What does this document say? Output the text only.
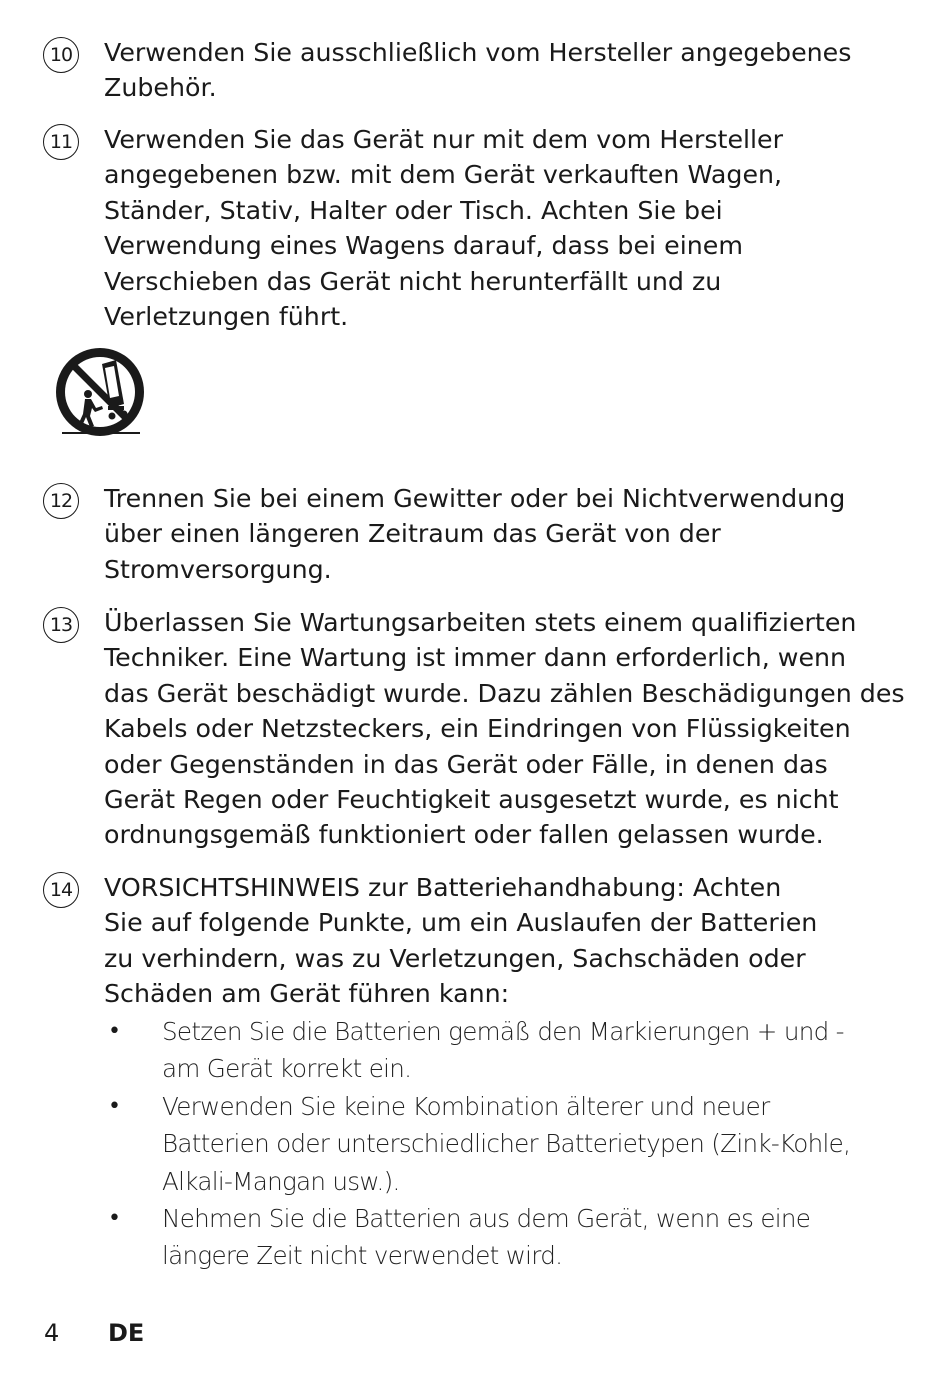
10 Verwenden Sie ausschließlich vom Hersteller angegebenes
Zubehör.
11 Verwenden Sie das Gerät nur mit dem vom Hersteller
angegebenen bzw. mit dem Gerät verkauften Wagen,
Ständer, Stativ, Halter oder Tisch. Achten Sie bei
Verwendung eines Wagens darauf, dass bei einem
Verschieben das Gerät nicht herunterfällt und zu
Verletzungen führt.
12 Trennen Sie bei einem Gewitter oder bei Nichtverwendung
über einen längeren Zeitraum das Gerät von der
Stromversorgung.
13 Überlassen Sie Wartungsarbeiten stets einem qualifizierten
Techniker. Eine Wartung ist immer dann erforderlich, wenn
das Gerät beschädigt wurde. Dazu zählen Beschädigungen des
Kabels oder Netzsteckers, ein Eindringen von Flüssigkeiten
oder Gegenständen in das Gerät oder Fälle, in denen das
Gerät Regen oder Feuchtigkeit ausgesetzt wurde, es nicht
ordnungsgemäß funktioniert oder fallen gelassen wurde.
14 VORSICHTSHINWEIS zur Batteriehandhabung: Achten
Sie auf folgende Punkte, um ein Auslaufen der Batterien
zu verhindern, was zu Verletzungen, Sachschäden oder
Schäden am Gerät führen kann:
• Setzen Sie die Batterien gemäß den Markierungen + und -
am Gerät korrekt ein.
• Verwenden Sie keine Kombination älterer und neuer
Batterien oder unterschiedlicher Batterietypen (Zink-Kohle,
Alkali-Mangan usw.).
• Nehmen Sie die Batterien aus dem Gerät, wenn es eine
längere Zeit nicht verwendet wird.
4 DE
